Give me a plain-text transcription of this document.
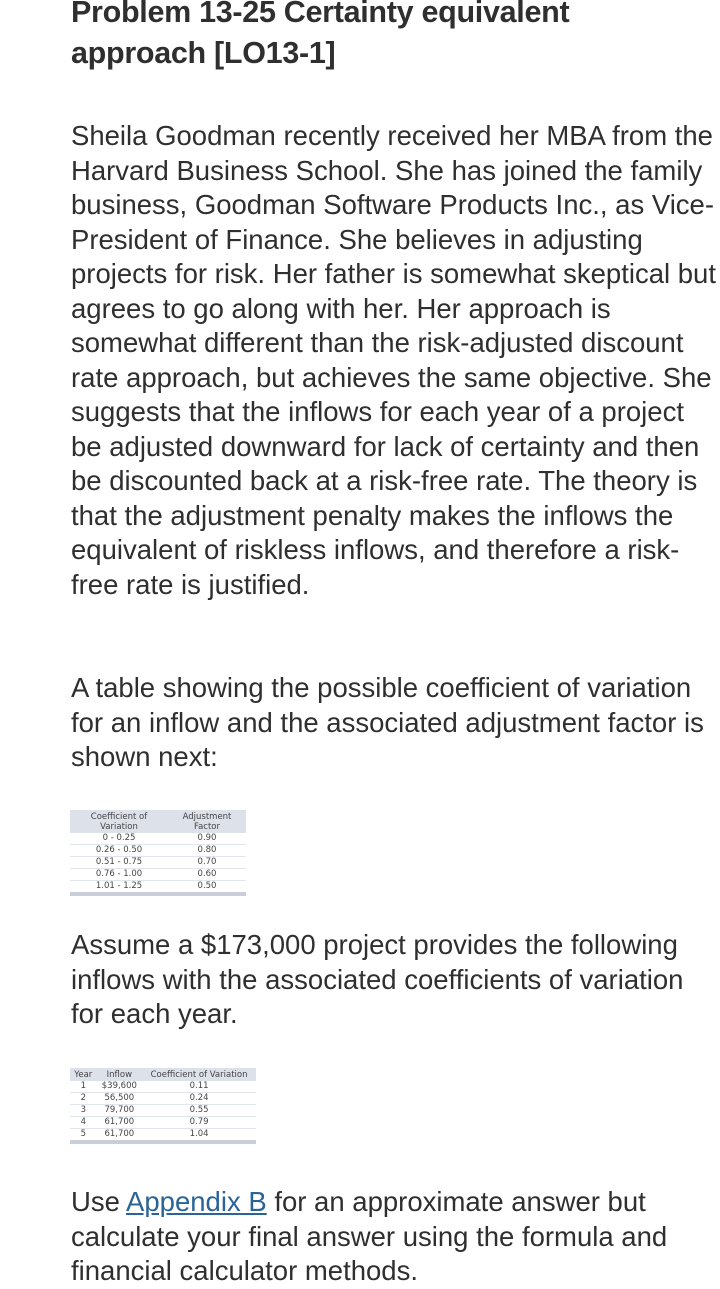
Problem 13-25 Certainty equivalent approach [LO13-1]
Sheila Goodman recently received her MBA from the Harvard Business School. She has joined the family business, Goodman Software Products Inc., as Vice-President of Finance. She believes in adjusting projects for risk. Her father is somewhat skeptical but agrees to go along with her. Her approach is somewhat different than the risk-adjusted discount rate approach, but achieves the same objective. She suggests that the inflows for each year of a project be adjusted downward for lack of certainty and then be discounted back at a risk-free rate. The theory is that the adjustment penalty makes the inflows the equivalent of riskless inflows, and therefore a risk-free rate is justified.
A table showing the possible coefficient of variation for an inflow and the associated adjustment factor is shown next:
Assume a $173,000 project provides the following inflows with the associated coefficients of variation for each year.
Use Appendix B for an approximate answer but calculate your final answer using the formula and financial calculator methods.
Coefficient of Variation	Adjustment Factor
0 - 0.25	0.90
0.26 - 0.50	0.80
0.51 - 0.75	0.70
0.76 - 1.00	0.60
1.01 - 1.25	0.50
Year	Inflow	Coefficient of Variation
1	$39,600	0.11
2	56,500	0.24
3	79,700	0.55
4	61,700	0.79
5	61,700	1.04
